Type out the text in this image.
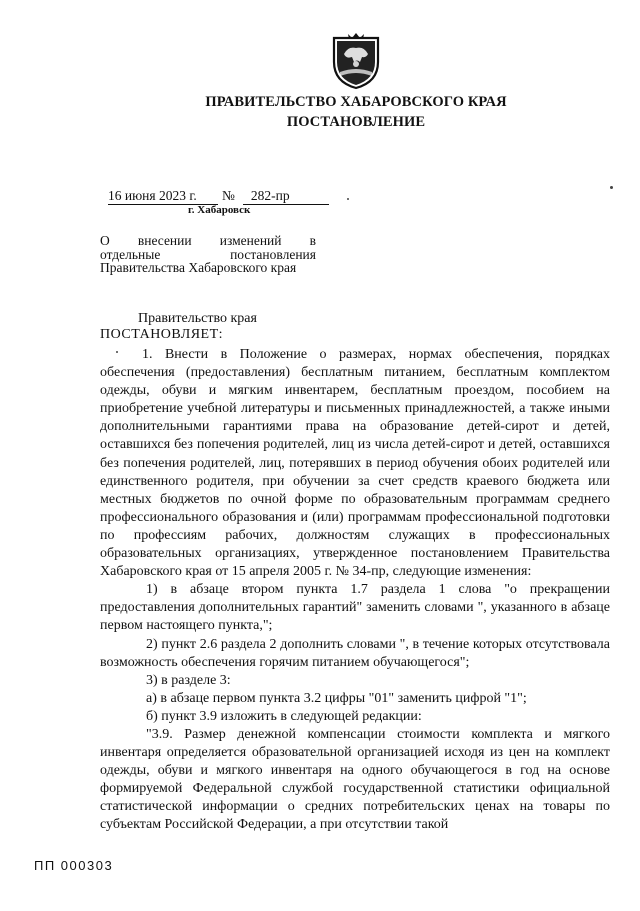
ПРАВИТЕЛЬСТВО ХАБАРОВСКОГО КРАЯ
ПОСТАНОВЛЕНИЕ
16 июня 2023 г. № 282-пр
г. Хабаровск
О внесении изменений в
отдельные постановления
Правительства Хабаровского края
Правительство края
ПОСТАНОВЛЯЕТ:

1. Внести в Положение о размерах, нормах обеспечения, порядках обеспечения (предоставления) бесплатным питанием, бесплатным комплектом одежды, обуви и мягким инвентарем, бесплатным проездом, пособием на приобретение учебной литературы и письменных принадлежностей, а также иными дополнительными гарантиями права на образование детей-сирот и детей, оставшихся без попечения родителей, лиц из числа детей-сирот и детей, оставшихся без попечения родителей, лиц, потерявших в период обучения обоих родителей или единственного родителя, при обучении за счет средств краевого бюджета или местных бюджетов по очной форме по образовательным программам среднего профессионального образования и (или) программам профессиональной подготовки по профессиям рабочих, должностям служащих в профессиональных образовательных организациях, утвержденное постановлением Правительства Хабаровского края от 15 апреля 2005 г. № 34-пр, следующие изменения:

1) в абзаце втором пункта 1.7 раздела 1 слова "о прекращении предоставления дополнительных гарантий" заменить словами ", указанного в абзаце первом настоящего пункта,";

2) пункт 2.6 раздела 2 дополнить словами ", в течение которых отсутствовала возможность обеспечения горячим питанием обучающегося";

3) в разделе 3:

а) в абзаце первом пункта 3.2 цифры "01" заменить цифрой "1";

б) пункт 3.9 изложить в следующей редакции:

"3.9. Размер денежной компенсации стоимости комплекта и мягкого инвентаря определяется образовательной организацией исходя из цен на комплект одежды, обуви и мягкого инвентаря на одного обучающегося в год на основе формируемой Федеральной службой государственной статистики официальной статистической информации о средних потребительских ценах на товары по субъектам Российской Федерации, а при отсутствии такой

ПП 000303
